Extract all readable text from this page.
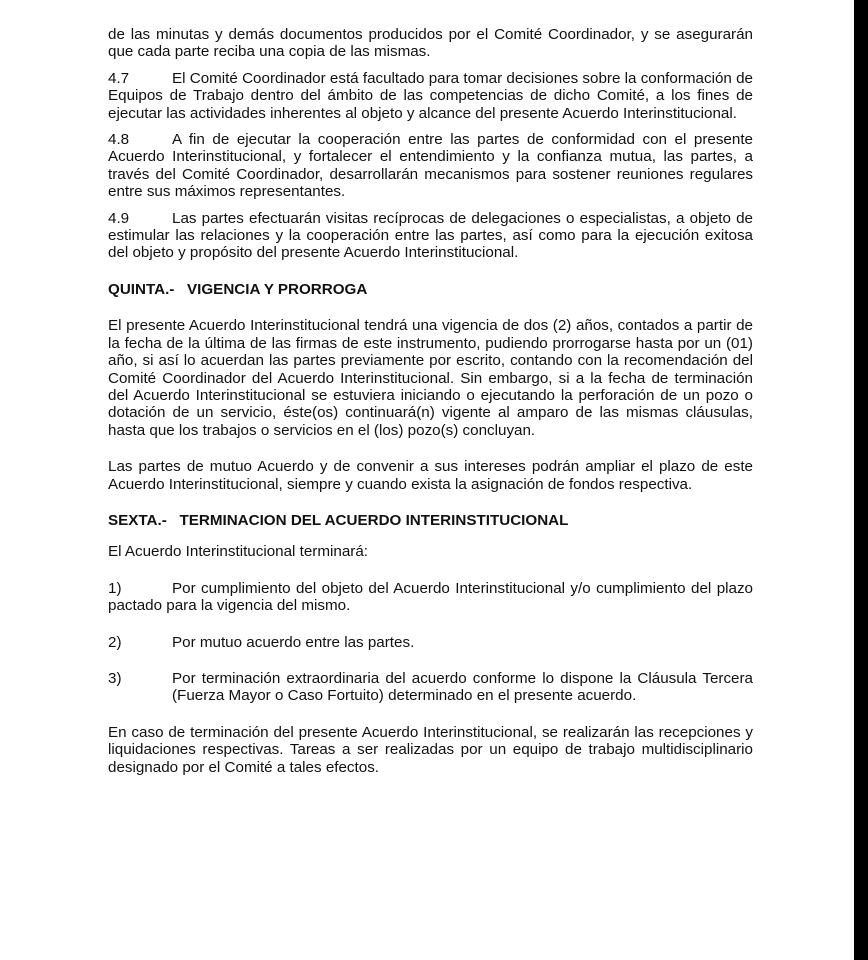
de las minutas y demás documentos producidos por el Comité Coordinador, y se asegurarán que cada parte reciba una copia de las mismas.

4.7	El Comité Coordinador está facultado para tomar decisiones sobre la conformación de Equipos de Trabajo dentro del ámbito de las competencias de dicho Comité, a los fines de ejecutar las actividades inherentes al objeto y alcance del presente Acuerdo Interinstitucional.

4.8	A fin de ejecutar la cooperación entre las partes de conformidad con el presente Acuerdo Interinstitucional, y fortalecer el entendimiento y la confianza mutua, las partes, a través del Comité Coordinador, desarrollarán mecanismos para sostener reuniones regulares entre sus máximos representantes.

4.9	Las partes efectuarán visitas recíprocas de delegaciones o especialistas, a objeto de estimular las relaciones y la cooperación entre las partes, así como para la ejecución exitosa del objeto y propósito del presente Acuerdo Interinstitucional.

QUINTA.-   VIGENCIA Y PRORROGA

El presente Acuerdo Interinstitucional tendrá una vigencia de dos (2) años, contados a partir de la fecha de la última de las firmas de este instrumento, pudiendo prorrogarse hasta por un (01) año, si así lo acuerdan las partes previamente por escrito, contando con la recomendación del Comité Coordinador del Acuerdo Interinstitucional. Sin embargo, si a la fecha de terminación del Acuerdo Interinstitucional se estuviera iniciando o ejecutando la perforación de un pozo o dotación de un servicio, éste(os) continuará(n) vigente al amparo de las mismas cláusulas, hasta que los trabajos o servicios en el (los) pozo(s) concluyan.

Las partes de mutuo Acuerdo y de convenir a sus intereses podrán ampliar el plazo de este Acuerdo Interinstitucional, siempre y cuando exista la asignación de fondos respectiva.

SEXTA.-   TERMINACION DEL ACUERDO INTERINSTITUCIONAL

El Acuerdo Interinstitucional terminará:

1)	Por cumplimiento del objeto del Acuerdo Interinstitucional y/o cumplimiento del plazo pactado para la vigencia del mismo.

2)	Por mutuo acuerdo entre las partes.
3)	Por terminación extraordinaria del acuerdo conforme lo dispone la Cláusula Tercera (Fuerza Mayor o Caso Fortuito) determinado en el presente acuerdo.

En caso de terminación del presente Acuerdo Interinstitucional, se realizarán las recepciones y liquidaciones respectivas. Tareas a ser realizadas por un equipo de trabajo multidisciplinario designado por el Comité a tales efectos.
